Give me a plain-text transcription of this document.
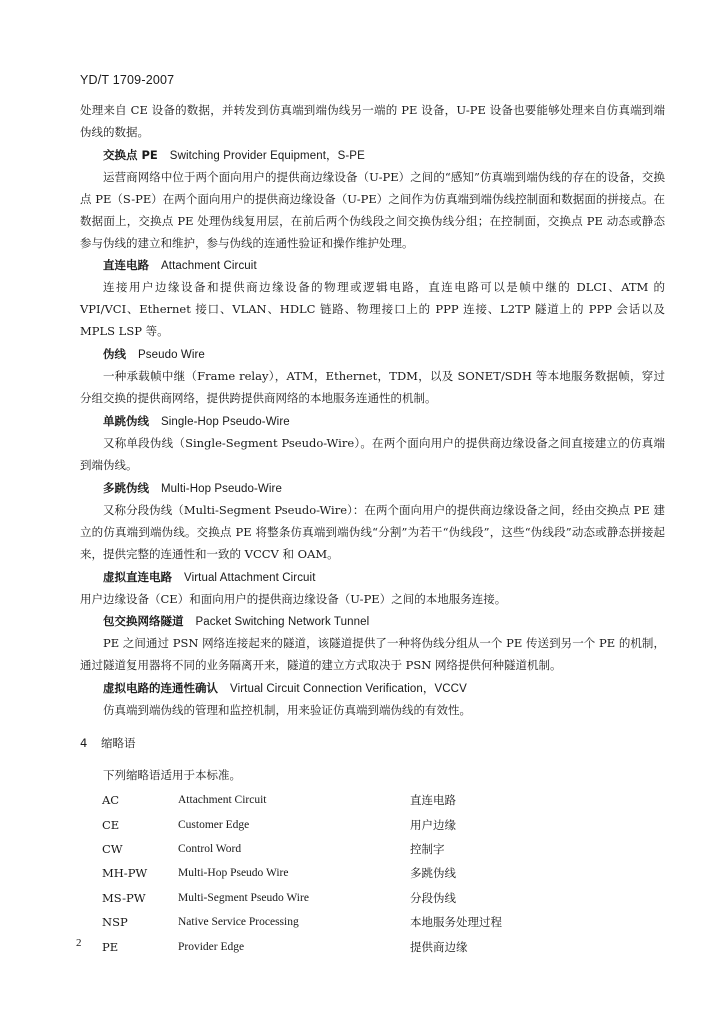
YD/T 1709-2007

处理来自 CE 设备的数据，并转发到仿真端到端伪线另一端的 PE 设备，U-PE 设备也要能够处理来自仿真端到端伪线的数据。

交换点 PE Switching Provider Equipment，S-PE

运营商网络中位于两个面向用户的提供商边缘设备（U-PE）之间的“感知”仿真端到端伪线的存在的设备，交换点 PE（S-PE）在两个面向用户的提供商边缘设备（U-PE）之间作为仿真端到端伪线控制面和数据面的拼接点。在数据面上，交换点 PE 处理伪线复用层，在前后两个伪线段之间交换伪线分组；在控制面，交换点 PE 动态或静态参与伪线的建立和维护，参与伪线的连通性验证和操作维护处理。

直连电路 Attachment Circuit

连接用户边缘设备和提供商边缘设备的物理或逻辑电路，直连电路可以是帧中继的 DLCI、ATM 的 VPI/VCI、Ethernet 接口、VLAN、HDLC 链路、物理接口上的 PPP 连接、L2TP 隧道上的 PPP 会话以及 MPLS LSP 等。

伪线 Pseudo Wire

一种承载帧中继（Frame relay），ATM，Ethernet，TDM，以及 SONET/SDH 等本地服务数据帧，穿过分组交换的提供商网络，提供跨提供商网络的本地服务连通性的机制。

单跳伪线 Single-Hop Pseudo-Wire

又称单段伪线（Single-Segment Pseudo-Wire）。在两个面向用户的提供商边缘设备之间直接建立的仿真端到端伪线。

多跳伪线 Multi-Hop Pseudo-Wire

又称分段伪线（Multi-Segment Pseudo-Wire）：在两个面向用户的提供商边缘设备之间，经由交换点 PE 建立的仿真端到端伪线。交换点 PE 将整条仿真端到端伪线“分割”为若干“伪线段”，这些“伪线段”动态或静态拼接起来，提供完整的连通性和一致的 VCCV 和 OAM。

虚拟直连电路 Virtual Attachment Circuit

用户边缘设备（CE）和面向用户的提供商边缘设备（U-PE）之间的本地服务连接。

包交换网络隧道 Packet Switching Network Tunnel

PE 之间通过 PSN 网络连接起来的隧道，该隧道提供了一种将伪线分组从一个 PE 传送到另一个 PE 的机制，通过隧道复用器将不同的业务隔离开来，隧道的建立方式取决于 PSN 网络提供何种隧道机制。

虚拟电路的连通性确认 Virtual Circuit Connection Verification，VCCV

仿真端到端伪线的管理和监控机制，用来验证仿真端到端伪线的有效性。

4 缩略语
下列缩略语适用于本标准。
AC	Attachment Circuit	直连电路
CE	Customer Edge	用户边缘
CW	Control Word	控制字
MH-PW	Multi-Hop Pseudo Wire	多跳伪线
MS-PW	Multi-Segment Pseudo Wire	分段伪线
NSP	Native Service Processing	本地服务处理过程
PE	Provider Edge	提供商边缘
2
